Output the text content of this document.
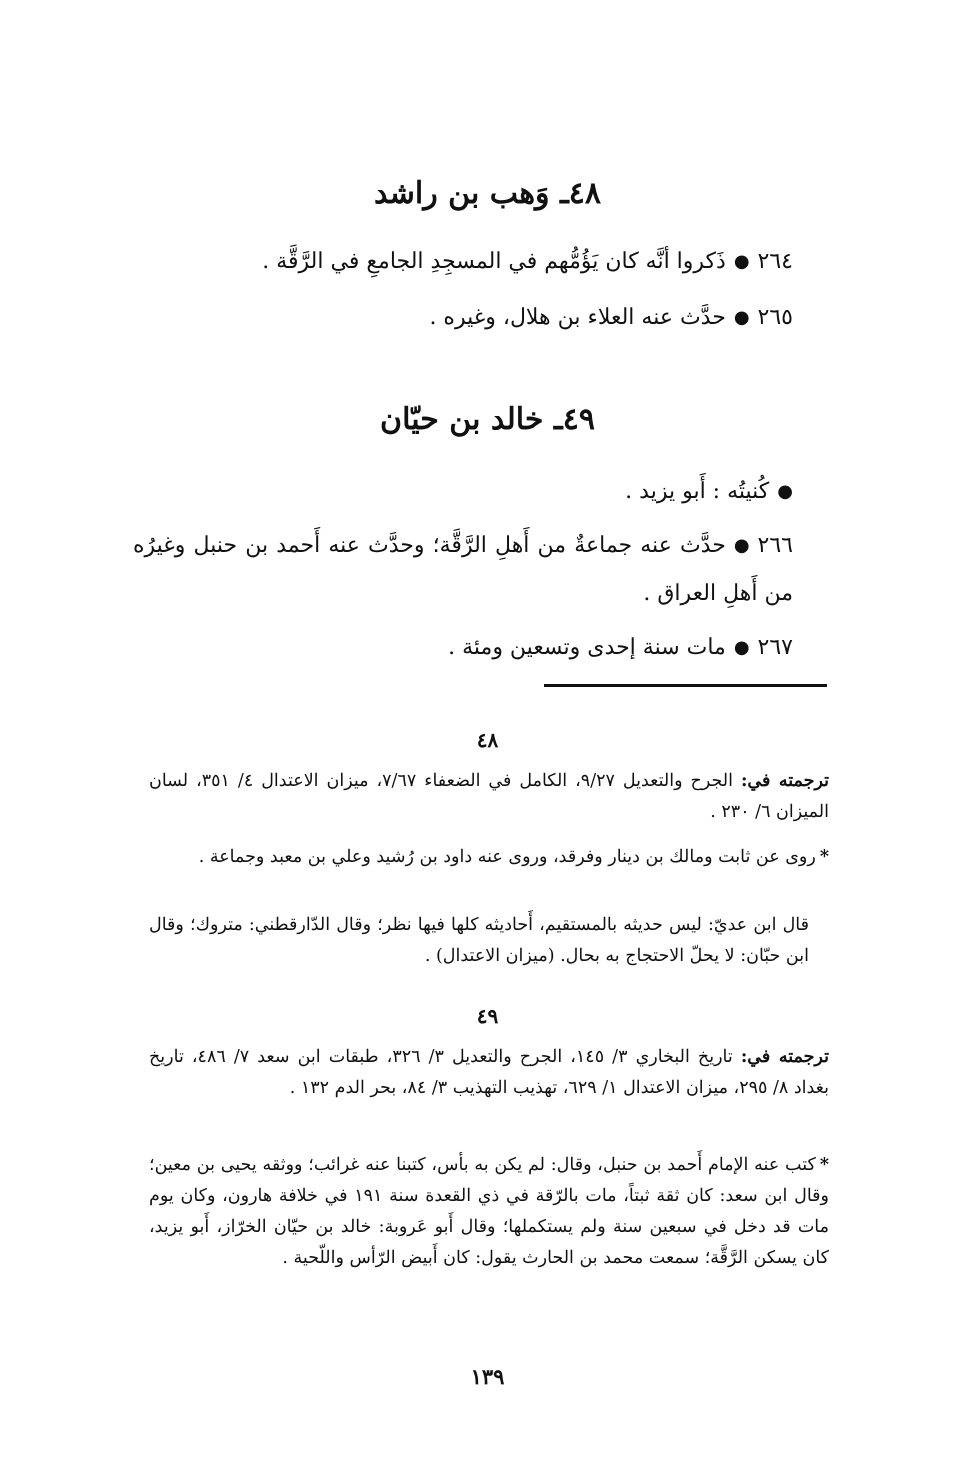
٤٨ـ وَهب بن راشد
٢٦٤●ذَكروا أنَّه كان يَؤُمُّهم في المسجِدِ الجامعِ في الرَّقَّة .
٢٦٥●حدَّث عنه العلاء بن هلال، وغيره .
٤٩ـ خالد بن حيّان
●كُنيتُه : أَبو يزيد .
٢٦٦●حدَّث عنه جماعةٌ من أَهلِ الرَّقَّة؛ وحدَّث عنه أَحمد بن حنبل وغيرُه من أَهلِ العراق .
٢٦٧●مات سنة إحدى وتسعين ومئة .
٤٨
ترجمته في: الجرح والتعديل ٩/٢٧، الكامل في الضعفاء ٧/٦٧، ميزان الاعتدال ٤/ ٣٥١، لسان الميزان ٦/ ٢٣٠ .
*روى عن ثابت ومالك بن دينار وفرقد، وروى عنه داود بن رُشيد وعلي بن معبد وجماعة .
قال ابن عديّ: ليس حديثه بالمستقيم، أَحاديثه كلها فيها نظر؛ وقال الدّارقطني: متروك؛ وقال ابن حبّان: لا يحلّ الاحتجاج به بحال. (ميزان الاعتدال) .
٤٩
ترجمته في: تاريخ البخاري ٣/ ١٤٥، الجرح والتعديل ٣/ ٣٢٦، طبقات ابن سعد ٧/ ٤٨٦، تاريخ بغداد ٨/ ٢٩٥، ميزان الاعتدال ١/ ٦٢٩، تهذيب التهذيب ٣/ ٨٤، بحر الدم ١٣٢ .
*كتب عنه الإمام أَحمد بن حنبل، وقال: لم يكن به بأس، كتبنا عنه غرائب؛ ووثقه يحيى بن معين؛ وقال ابن سعد: كان ثقة ثبتاً، مات بالرّقة في ذي القعدة سنة ١٩١ في خلافة هارون، وكان يوم مات قد دخل في سبعين سنة ولم يستكملها؛ وقال أَبو عَروبة: خالد بن حيّان الخرّاز، أَبو يزيد، كان يسكن الرَّقَّة؛ سمعت محمد بن الحارث يقول: كان أَبيض الرّأس واللّحية .
١٣٩
